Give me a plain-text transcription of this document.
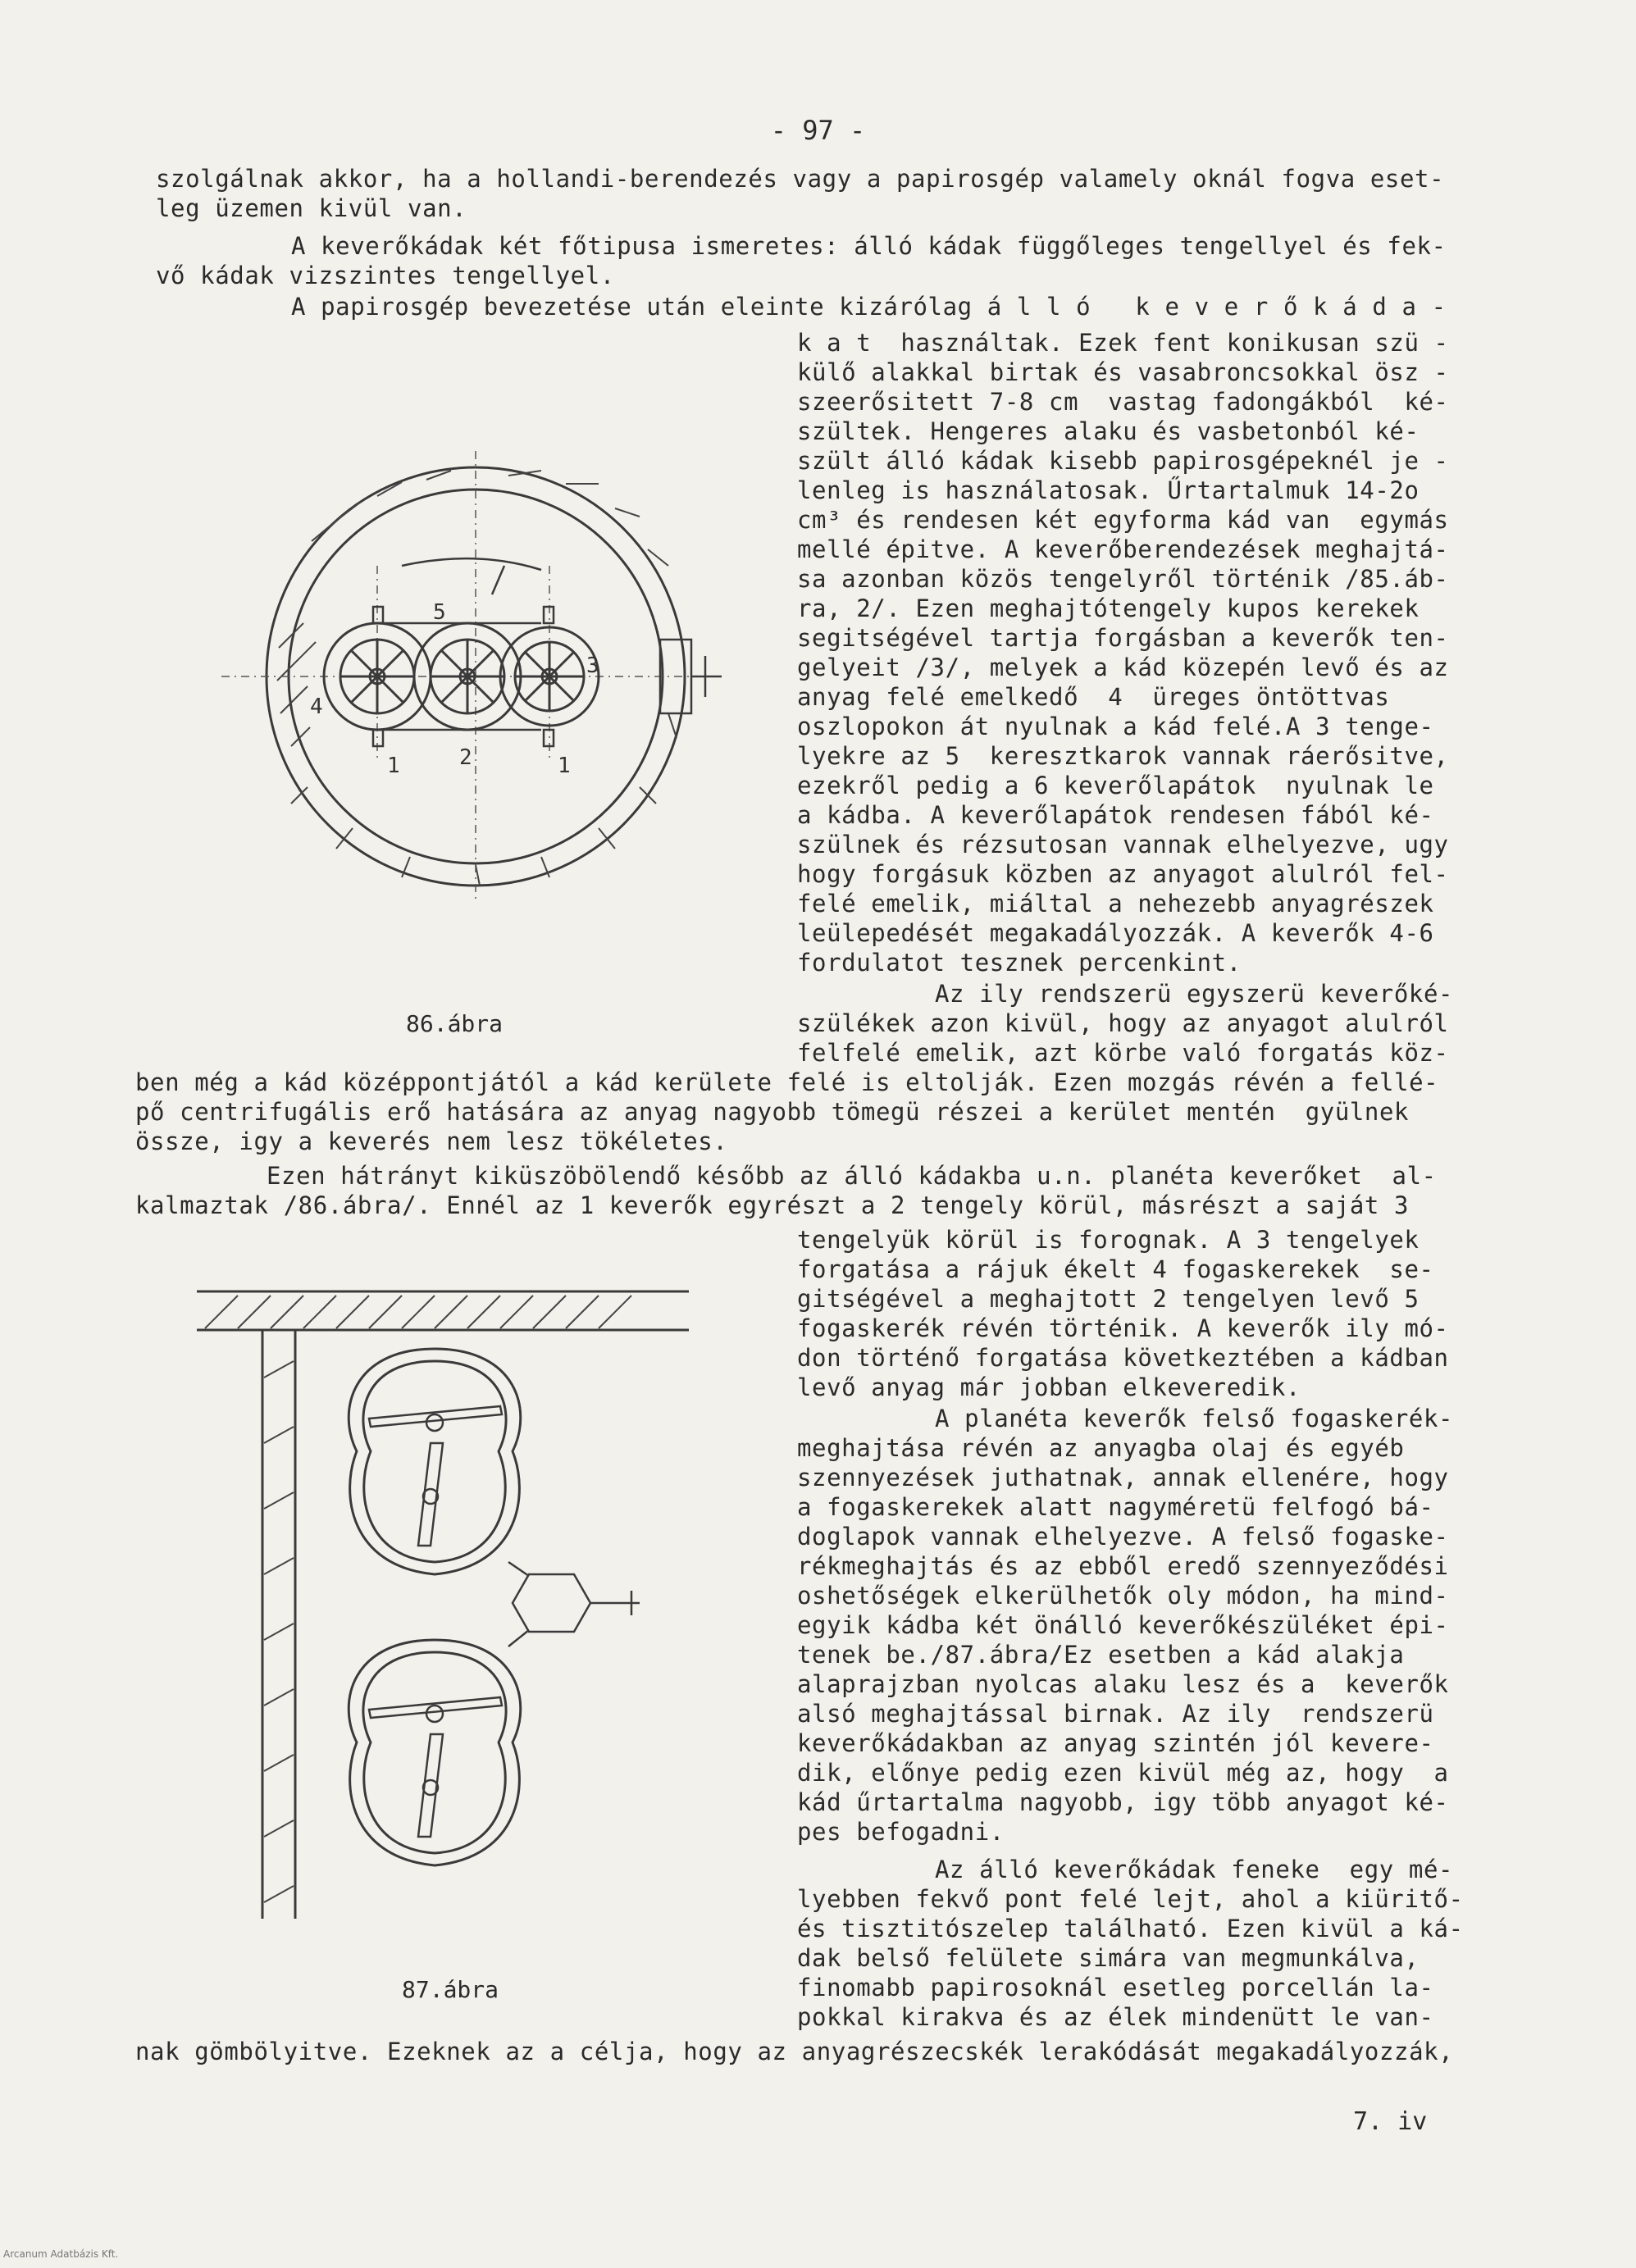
- 97 -
szolgálnak akkor, ha a hollandi-berendezés vagy a papirosgép valamely oknál fogva eset-
leg üzemen kivül van.
A keverőkádak két főtipusa ismeretes: álló kádak függőleges tengellyel és fek-
vő kádak vizszintes tengellyel.
A papirosgép bevezetése után eleinte kizárólag á l l ó   k e v e r ő k á d a -
k a t  használtak. Ezek fent konikusan szü -
külő alakkal birtak és vasabroncsokkal ösz -
szeerősitett 7-8 cm  vastag fadongákból  ké-
szültek. Hengeres alaku és vasbetonból ké-
szült álló kádak kisebb papirosgépeknél je -
lenleg is használatosak. Űrtartalmuk 14-2o
cm³ és rendesen két egyforma kád van  egymás
mellé épitve. A keverőberendezések meghajtá-
sa azonban közös tengelyről történik /85.áb-
ra, 2/. Ezen meghajtótengely kupos kerekek
segitségével tartja forgásban a keverők ten-
gelyeit /3/, melyek a kád közepén levő és az
anyag felé emelkedő  4  üreges öntöttvas
oszlopokon át nyulnak a kád felé.A 3 tenge-
lyekre az 5  keresztkarok vannak ráerősitve,
ezekről pedig a 6 keverőlapátok  nyulnak le
a kádba. A keverőlapátok rendesen fából ké-
szülnek és rézsutosan vannak elhelyezve, ugy
hogy forgásuk közben az anyagot alulról fel-
felé emelik, miáltal a nehezebb anyagrészek
leülepedését megakadályozzák. A keverők 4-6
fordulatot tesznek percenkint.
Az ily rendszerü egyszerü keverőké-
szülékek azon kivül, hogy az anyagot alulról
felfelé emelik, azt körbe való forgatás köz-
ben még a kád középpontjától a kád kerülete felé is eltolják. Ezen mozgás révén a fellé-
pő centrifugális erő hatására az anyag nagyobb tömegü részei a kerület mentén  gyülnek
össze, igy a keverés nem lesz tökéletes.
Ezen hátrányt kiküszöbölendő később az álló kádakba u.n. planéta keverőket  al-
kalmaztak /86.ábra/. Ennél az 1 keverők egyrészt a 2 tengely körül, másrészt a saját 3
tengelyük körül is forognak. A 3 tengelyek
forgatása a rájuk ékelt 4 fogaskerekek  se-
gitségével a meghajtott 2 tengelyen levő 5
fogaskerék révén történik. A keverők ily mó-
don történő forgatása következtében a kádban
levő anyag már jobban elkeveredik.
A planéta keverők felső fogaskerék-
meghajtása révén az anyagba olaj és egyéb
szennyezések juthatnak, annak ellenére, hogy
a fogaskerekek alatt nagyméretü felfogó bá-
doglapok vannak elhelyezve. A felső fogaske-
rékmeghajtás és az ebből eredő szennyeződési
oshetőségek elkerülhetők oly módon, ha mind-
egyik kádba két önálló keverőkészüléket épi-
tenek be./87.ábra/Ez esetben a kád alakja
alaprajzban nyolcas alaku lesz és a  keverők
alsó meghajtással birnak. Az ily  rendszerü
keverőkádakban az anyag szintén jól kevere-
dik, előnye pedig ezen kivül még az, hogy  a
kád űrtartalma nagyobb, igy több anyagot ké-
pes befogadni.
Az álló keverőkádak feneke  egy mé-
lyebben fekvő pont felé lejt, ahol a kiüritő-
és tisztitószelep található. Ezen kivül a ká-
dak belső felülete simára van megmunkálva,
finomabb papirosoknál esetleg porcellán la-
pokkal kirakva és az élek mindenütt le van-
nak gömbölyitve. Ezeknek az a célja, hogy az anyagrészecskék lerakódását megakadályozzák,
5
3
4
1	2	1
86.ábra
87.ábra
7. iv
Arcanum Adatbázis Kft.
